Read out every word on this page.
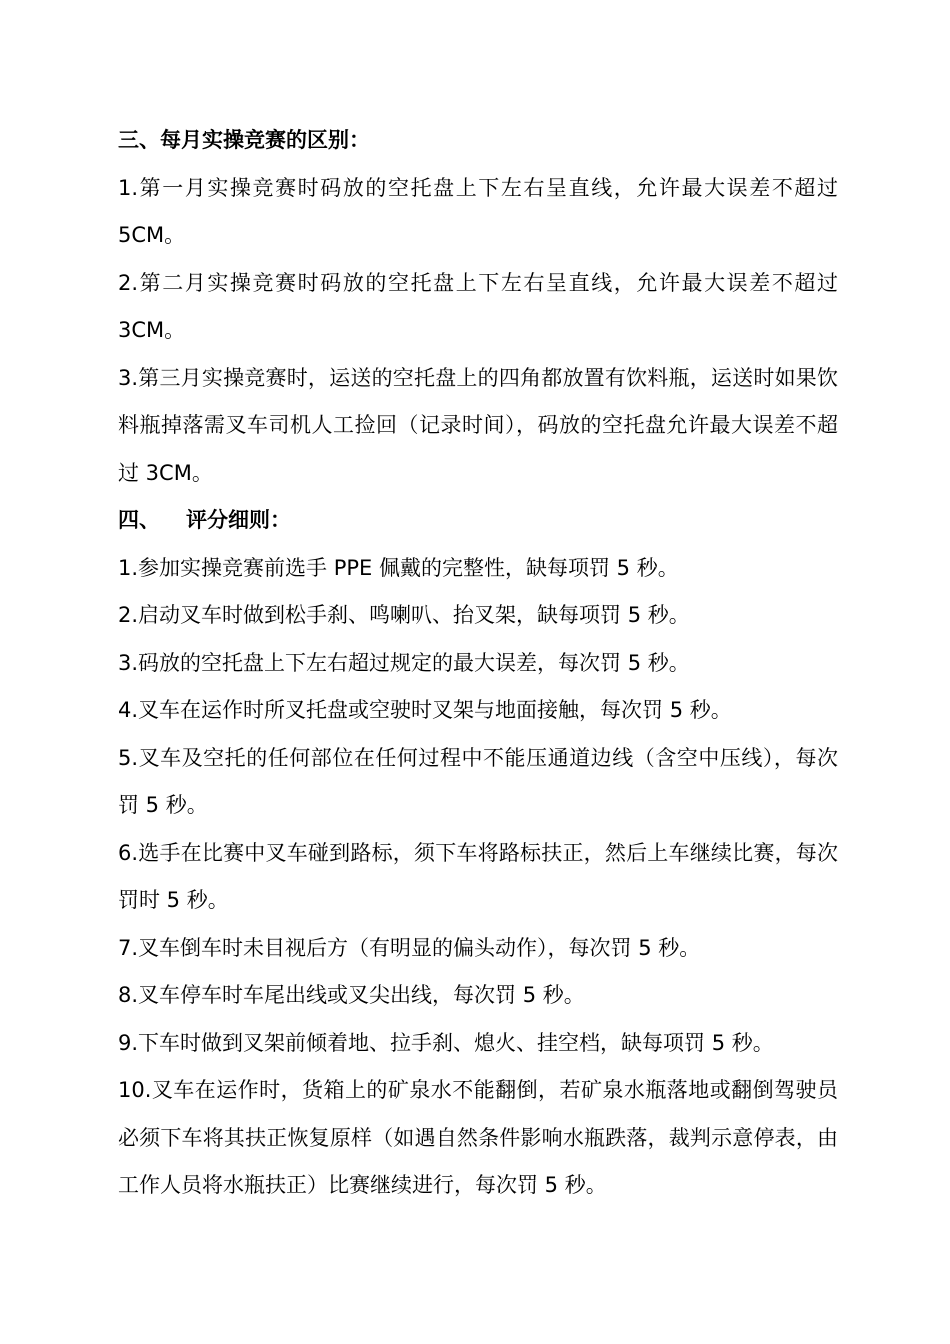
三、每月实操竞赛的区别：

1.第一月实操竞赛时码放的空托盘上下左右呈直线，允许最大误差不超过5CM。

2.第二月实操竞赛时码放的空托盘上下左右呈直线，允许最大误差不超过3CM。

3.第三月实操竞赛时，运送的空托盘上的四角都放置有饮料瓶，运送时如果饮料瓶掉落需叉车司机人工捡回（记录时间），码放的空托盘允许最大误差不超过 3CM。

四、 评分细则：

1.参加实操竞赛前选手 PPE 佩戴的完整性，缺每项罚 5 秒。

2.启动叉车时做到松手刹、鸣喇叭、抬叉架，缺每项罚 5 秒。

3.码放的空托盘上下左右超过规定的最大误差，每次罚 5 秒。

4.叉车在运作时所叉托盘或空驶时叉架与地面接触，每次罚 5 秒。

5.叉车及空托的任何部位在任何过程中不能压通道边线（含空中压线），每次罚 5 秒。

6.选手在比赛中叉车碰到路标，须下车将路标扶正，然后上车继续比赛，每次罚时 5 秒。

7.叉车倒车时未目视后方（有明显的偏头动作），每次罚 5 秒。

8.叉车停车时车尾出线或叉尖出线，每次罚 5 秒。

9.下车时做到叉架前倾着地、拉手刹、熄火、挂空档，缺每项罚 5 秒。

10.叉车在运作时，货箱上的矿泉水不能翻倒，若矿泉水瓶落地或翻倒驾驶员必须下车将其扶正恢复原样（如遇自然条件影响水瓶跌落，裁判示意停表，由工作人员将水瓶扶正）比赛继续进行，每次罚 5 秒。
